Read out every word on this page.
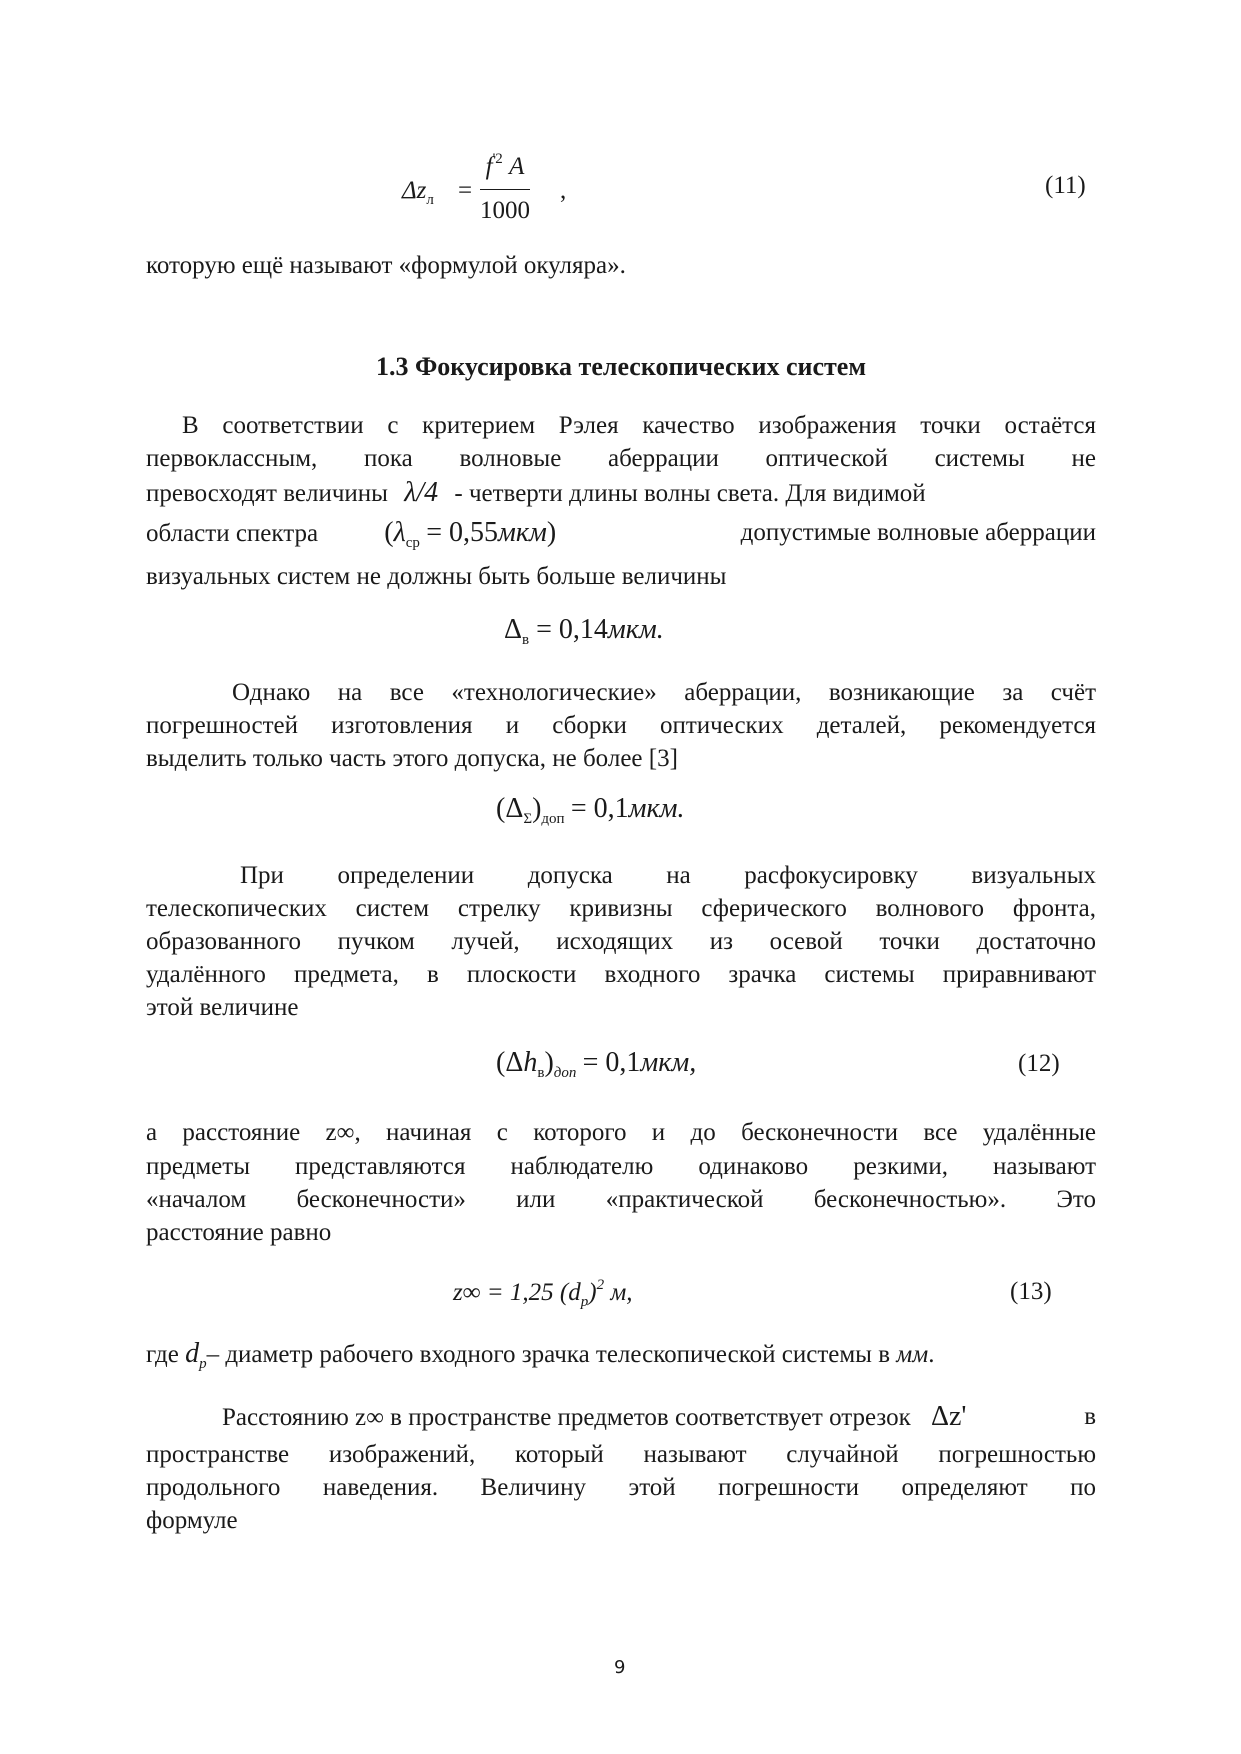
$\Delta z_л = \frac{f^{'2} A}{1000}$ ,	(11)
которую ещё называют «формулой окуляра».
1.3 Фокусировка телескопических систем
В соответствии с критерием Рэлея качество изображения точки остаётся
первоклассным, пока волновые аберрации оптической системы не
превосходят величины λ/4 - четверти длины волны света. Для видимой
области спектра $(\lambda_{ср} = 0,55мкм)$	допустимые волновые аберрации
визуальных систем не должны быть больше величины
$\Delta_в = 0,14мкм$.
Однако на все «технологические» аберрации, возникающие за счёт
погрешностей изготовления и сборки оптических деталей, рекомендуется
выделить только часть этого допуска, не более [3]
$(\Delta_\Sigma)_{доп} = 0,1мкм$.
При определении допуска на расфокусировку визуальных
телескопических систем стрелку кривизны сферического волнового фронта,
образованного пучком лучей, исходящих из осевой точки достаточно
удалённого предмета, в плоскости входного зрачка системы приравнивают
этой величине
$(\Delta h_в)_{доп} = 0,1мкм$,	(12)
а расстояние z∞, начиная с которого и до бесконечности все удалённые
предметы представляются наблюдателю одинаково резкими, называют
«началом бесконечности» или «практической бесконечностью». Это
расстояние равно
z∞ = 1,25 $(d_p)^2$ м,	(13)
где $d_p-$ диаметр рабочего входного зрачка телескопической системы в мм.
Расстоянию z∞ в пространстве предметов соответствует отрезок Δz'	в
пространстве изображений, который называют случайной погрешностью
продольного наведения. Величину этой погрешности определяют по
формуле
9
